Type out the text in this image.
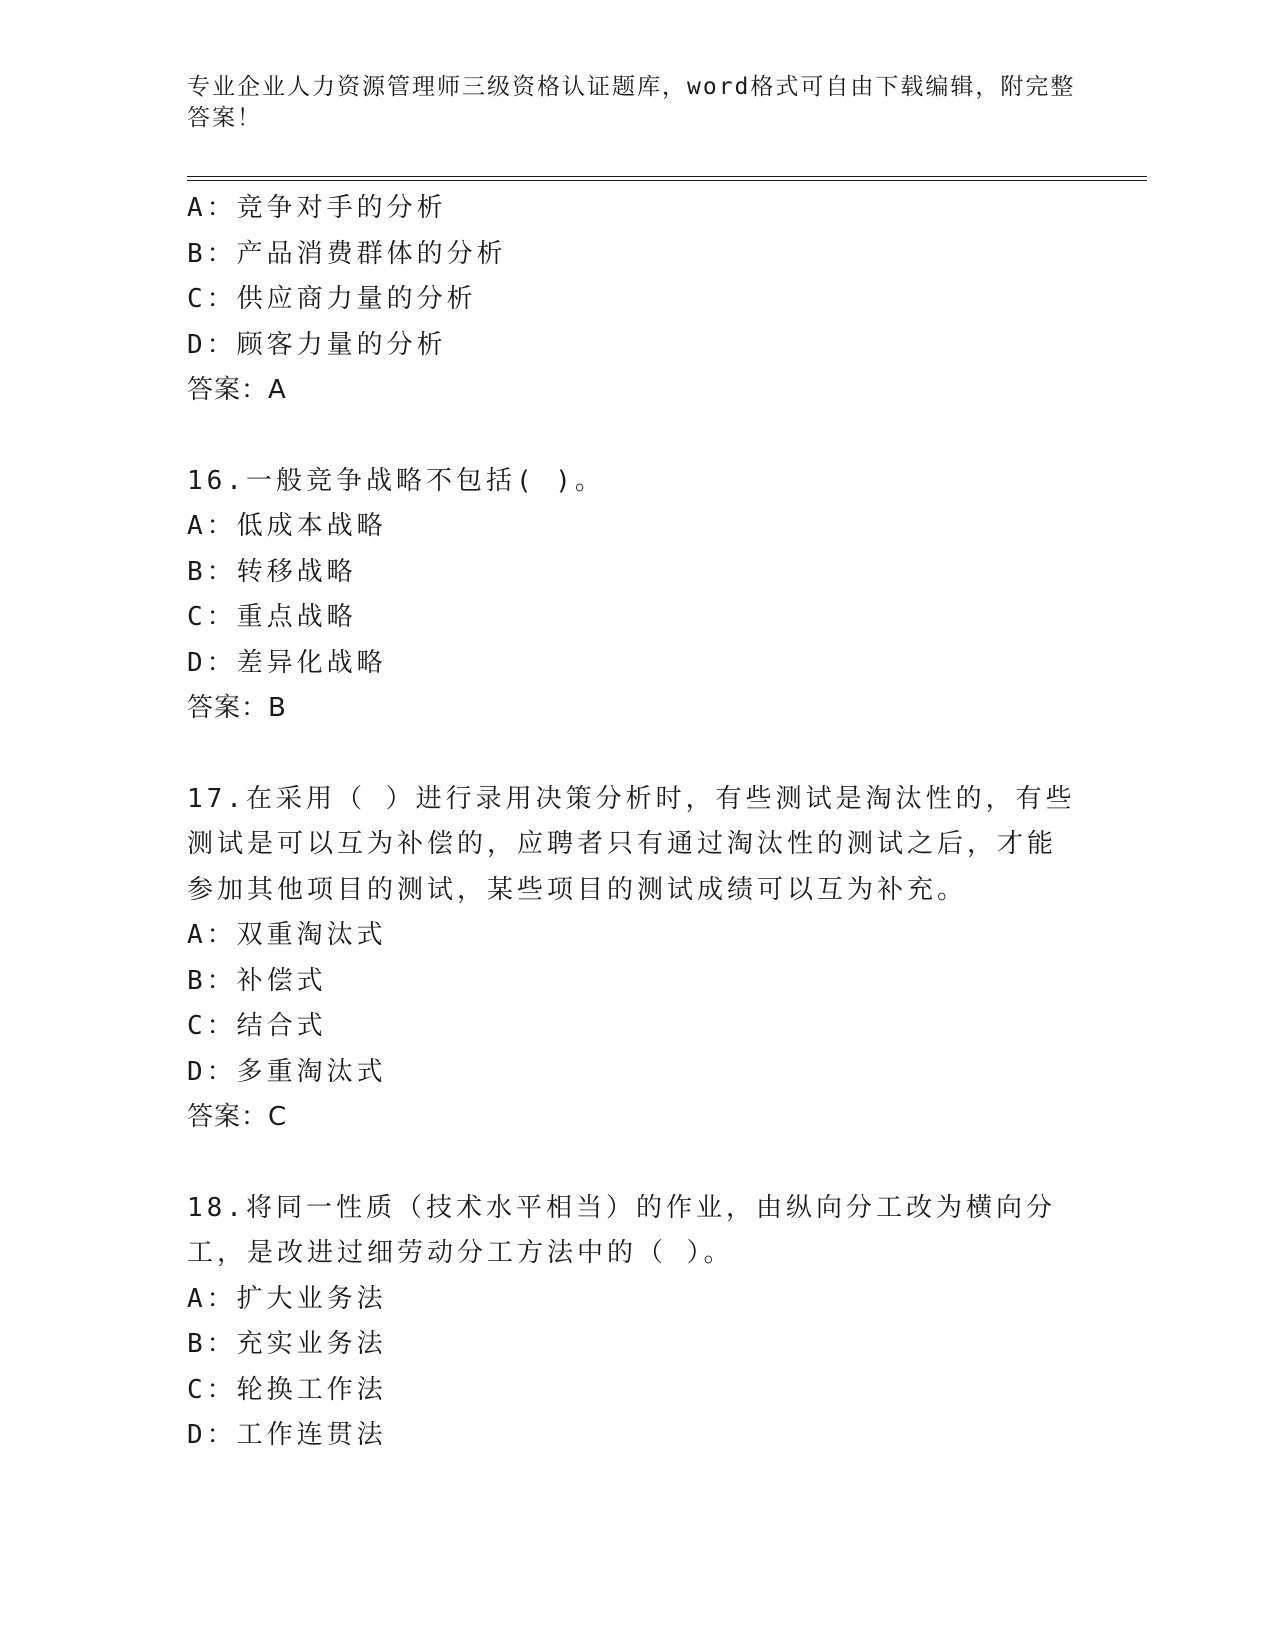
专业企业人力资源管理师三级资格认证题库，word格式可自由下载编辑，附完整答案！
A：竞争对手的分析
B：产品消费群体的分析
C：供应商力量的分析
D：顾客力量的分析
答案：A
16.一般竞争战略不包括( )。
A：低成本战略
B：转移战略
C：重点战略
D：差异化战略
答案：B
17.在采用（ ）进行录用决策分析时，有些测试是淘汰性的，有些测试是可以互为补偿的，应聘者只有通过淘汰性的测试之后，才能参加其他项目的测试，某些项目的测试成绩可以互为补充。
A：双重淘汰式
B：补偿式
C：结合式
D：多重淘汰式
答案：C
18.将同一性质（技术水平相当）的作业，由纵向分工改为横向分工，是改进过细劳动分工方法中的（ ）。
A：扩大业务法
B：充实业务法
C：轮换工作法
D：工作连贯法
